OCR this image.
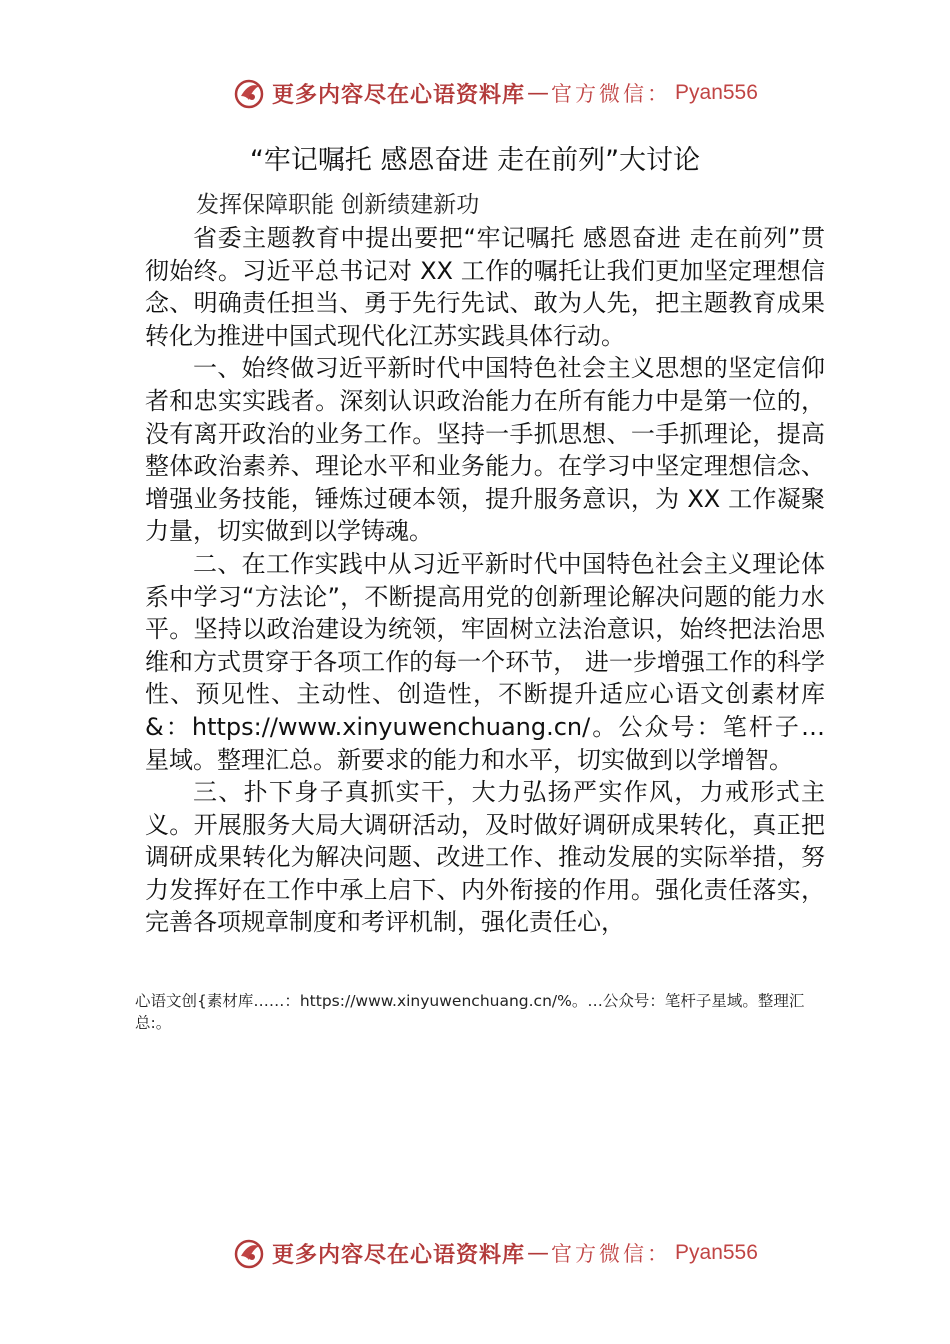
更多内容尽在心语资料库 — 官方微信： Pyan556
“牢记嘱托 感恩奋进 走在前列”大讨论
发挥保障职能 创新绩建新功

省委主题教育中提出要把“牢记嘱托 感恩奋进 走在前列”贯彻始终。习近平总书记对 XX 工作的嘱托让我们更加坚定理想信念、明确责任担当、勇于先行先试、敢为人先，把主题教育成果转化为推进中国式现代化江苏实践具体行动。

一、始终做习近平新时代中国特色社会主义思想的坚定信仰者和忠实实践者。深刻认识政治能力在所有能力中是第一位的，没有离开政治的业务工作。坚持一手抓思想、一手抓理论，提高整体政治素养、理论水平和业务能力。在学习中坚定理想信念、增强业务技能，锤炼过硬本领，提升服务意识，为 XX 工作凝聚力量，切实做到以学铸魂。

二、在工作实践中从习近平新时代中国特色社会主义理论体系中学习“方法论”，不断提高用党的创新理论解决问题的能力水平。坚持以政治建设为统领，牢固树立法治意识，始终把法治思维和方式贯穿于各项工作的每一个环节， 进一步增强工作的科学性、预见性、主动性、创造性，不断提升适应心语文创素材库&：https://www.xinyuwenchuang.cn/。公众号：笔杆子…星域。整理汇总。新要求的能力和水平，切实做到以学增智。

三、扑下身子真抓实干，大力弘扬严实作风，力戒形式主义。开展服务大局大调研活动，及时做好调研成果转化，真正把调研成果转化为解决问题、改进工作、推动发展的实际举措，努力发挥好在工作中承上启下、内外衔接的作用。强化责任落实，完善各项规章制度和考评机制，强化责任心，

心语文创{素材库……：https://www.xinyuwenchuang.cn/%。…公众号：笔杆子星域。整理汇总:。
更多内容尽在心语资料库 — 官方微信： Pyan556
